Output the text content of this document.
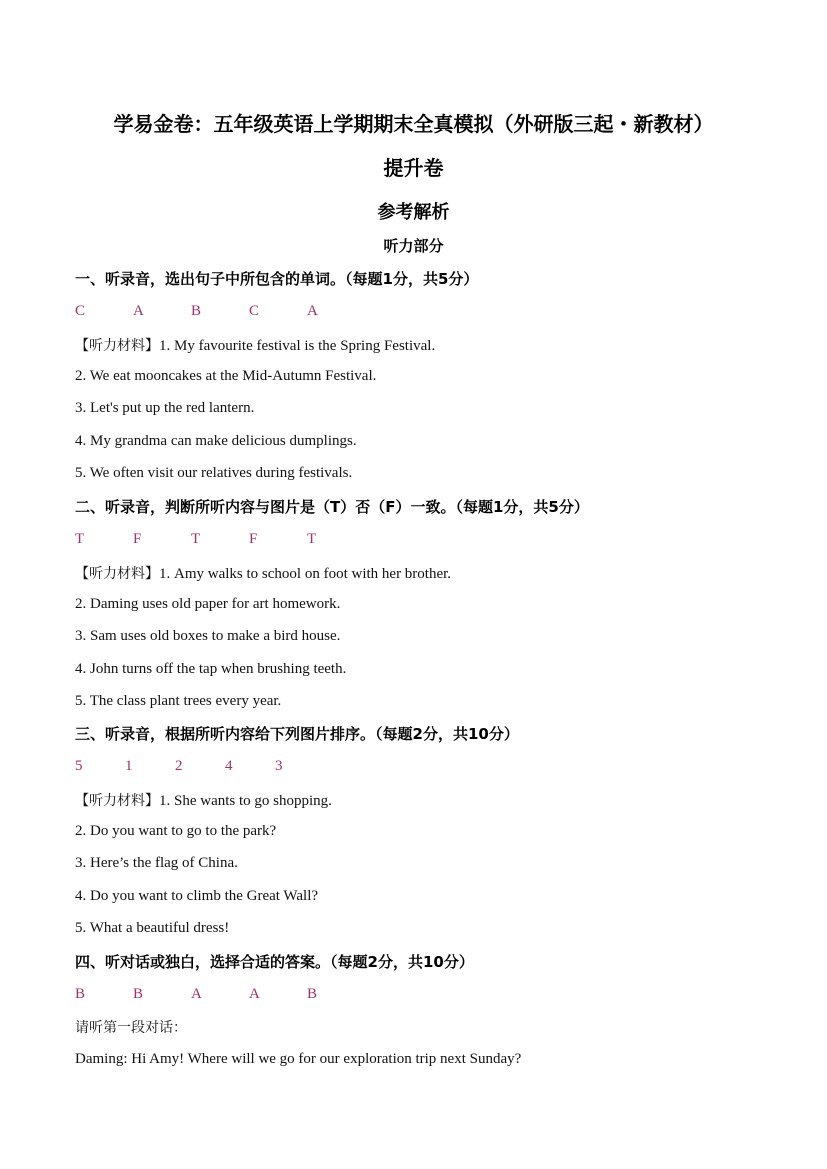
学易金卷：五年级英语上学期期末全真模拟（外研版三起・新教材）
提升卷
参考解析
听力部分
一、听录音，选出句子中所包含的单词。（每题1分，共5分）
C	A	B	C	A
【听力材料】1. My favourite festival is the Spring Festival.
2. We eat mooncakes at the Mid-Autumn Festival.
3. Let's put up the red lantern.
4. My grandma can make delicious dumplings.
5. We often visit our relatives during festivals.
二、听录音，判断所听内容与图片是（T）否（F）一致。（每题1分，共5分）
T	F	T	F	T
【听力材料】1. Amy walks to school on foot with her brother.
2. Daming uses old paper for art homework.
3. Sam uses old boxes to make a bird house.
4. John turns off the tap when brushing teeth.
5. The class plant trees every year.
三、听录音，根据所听内容给下列图片排序。（每题2分，共10分）
5	1	2	4	3
【听力材料】1. She wants to go shopping.
2. Do you want to go to the park?
3. Here’s the flag of China.
4. Do you want to climb the Great Wall?
5. What a beautiful dress!
四、听对话或独白，选择合适的答案。（每题2分，共10分）
B	B	A	A	B
请听第一段对话：
Daming: Hi Amy! Where will we go for our exploration trip next Sunday?
